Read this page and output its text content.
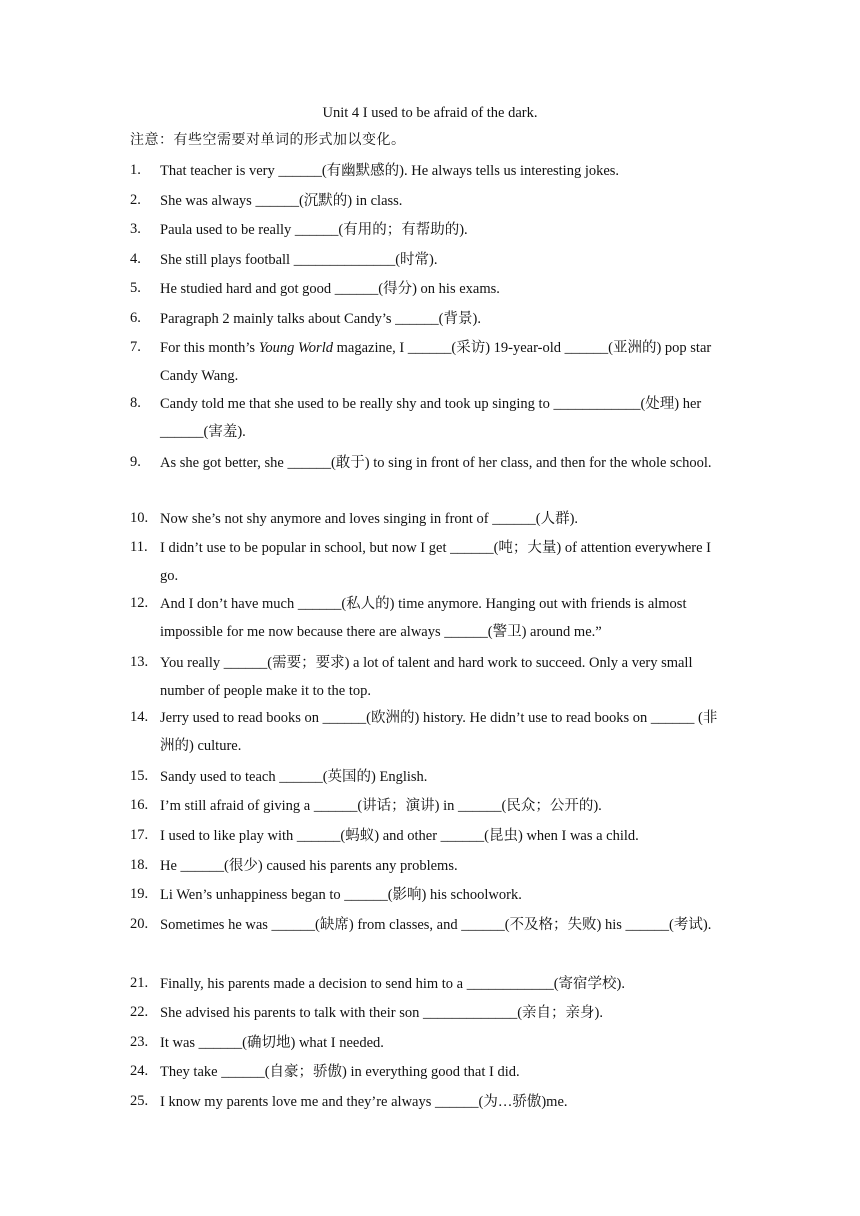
Unit 4 I used to be afraid of the dark.
注意：有些空需要对单词的形式加以变化。
1.	That teacher is very ______(有幽默感的). He always tells us interesting jokes.
2.	She was always ______(沉默的) in class.
3.	Paula used to be really ______(有用的；有帮助的).
4.	She still plays football ______________(时常).
5.	He studied hard and got good ______(得分) on his exams.
6.	Paragraph 2 mainly talks about Candy’s ______(背景).
7.	For this month’s Young World magazine, I ______(采访) 19-year-old ______(亚洲的) pop star Candy Wang.
8.	Candy told me that she used to be really shy and took up singing to ____________(处理) her ______(害羞).
9.	As she got better, she ______(敢于) to sing in front of her class, and then for the whole school.
10. Now she’s not shy anymore and loves singing in front of ______(人群).
11. I didn’t use to be popular in school, but now I get ______(吨；大量) of attention everywhere I go.
12. And I don’t have much ______(私人的) time anymore. Hanging out with friends is almost impossible for me now because there are always ______(警卫) around me.”
13. You really ______(需要；要求) a lot of talent and hard work to succeed. Only a very small number of people make it to the top.
14. Jerry used to read books on ______(欧洲的) history. He didn’t use to read books on ______ (非洲的) culture.
15. Sandy used to teach ______(英国的) English.
16. I’m still afraid of giving a ______(讲话；演讲) in ______(民众；公开的).
17. I used to like play with ______(蚂蚁) and other ______(昆虫) when I was a child.
18. He ______(很少) caused his parents any problems.
19. Li Wen’s unhappiness began to ______(影响) his schoolwork.
20. Sometimes he was ______(缺席) from classes, and ______(不及格；失败) his ______(考试).
21. Finally, his parents made a decision to send him to a ____________(寄宿学校).
22. She advised his parents to talk with their son _____________(亲自；亲身).
23. It was ______(确切地) what I needed.
24. They take ______(自豪；骄傲) in everything good that I did.
25. I know my parents love me and they’re always ______(为…骄傲)me.
